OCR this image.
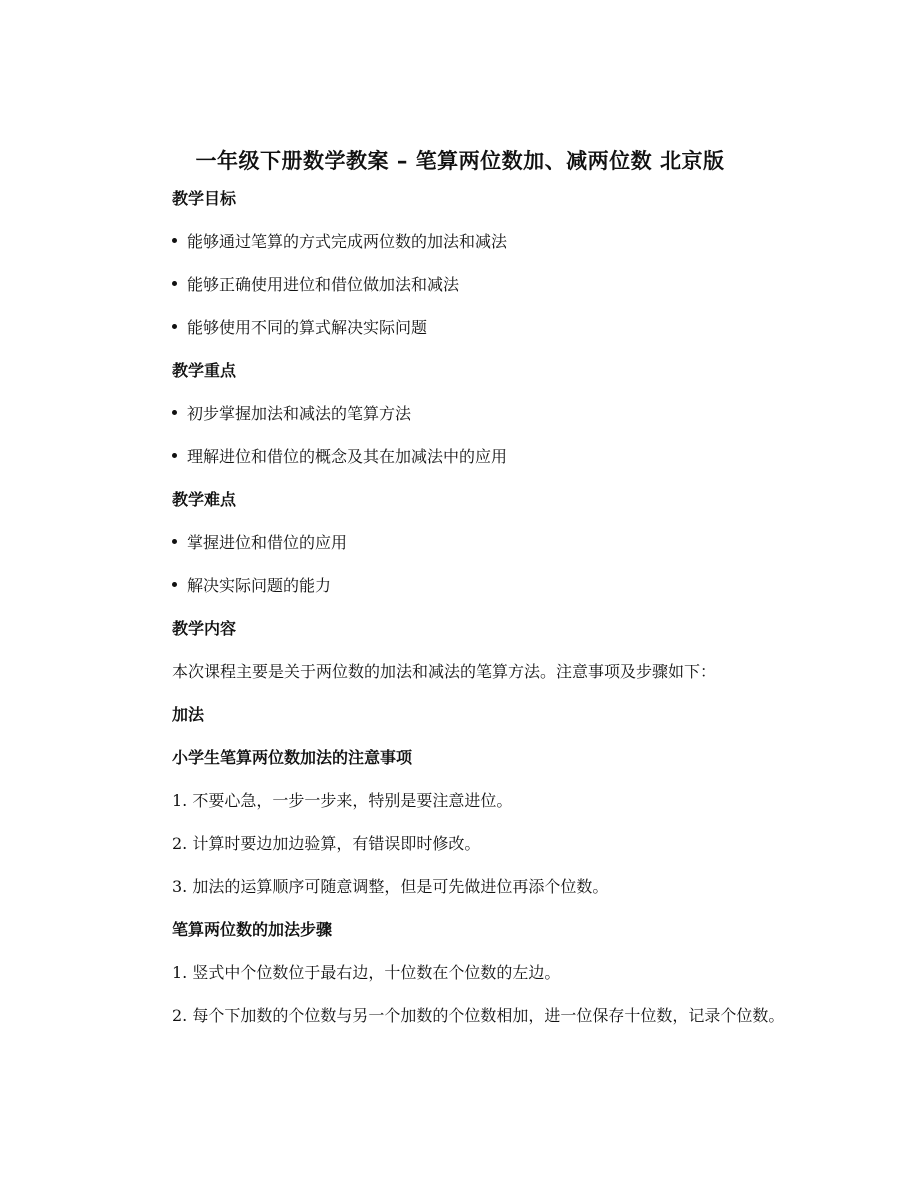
一年级下册数学教案 – 笔算两位数加、减两位数 北京版
教学目标
能够通过笔算的方式完成两位数的加法和减法
能够正确使用进位和借位做加法和减法
能够使用不同的算式解决实际问题
教学重点
初步掌握加法和减法的笔算方法
理解进位和借位的概念及其在加减法中的应用
教学难点
掌握进位和借位的应用
解决实际问题的能力
教学内容
本次课程主要是关于两位数的加法和减法的笔算方法。注意事项及步骤如下：
加法
小学生笔算两位数加法的注意事项
1. 不要心急，一步一步来，特别是要注意进位。
2. 计算时要边加边验算，有错误即时修改。
3. 加法的运算顺序可随意调整，但是可先做进位再添个位数。
笔算两位数的加法步骤
1. 竖式中个位数位于最右边，十位数在个位数的左边。
2. 每个下加数的个位数与另一个加数的个位数相加，进一位保存十位数，记录个位数。
